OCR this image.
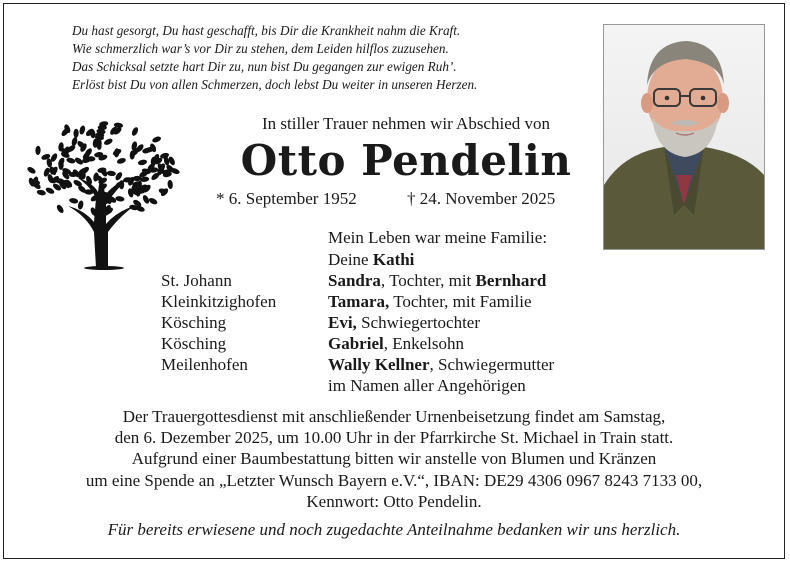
Du hast gesorgt, Du hast geschafft, bis Dir die Krankheit nahm die Kraft.
Wie schmerzlich war’s vor Dir zu stehen, dem Leiden hilflos zuzusehen.
Das Schicksal setzte hart Dir zu, nun bist Du gegangen zur ewigen Ruh’.
Erlöst bist Du von allen Schmerzen, doch lebst Du weiter in unseren Herzen.
In stiller Trauer nehmen wir Abschied von
Otto Pendelin
* 6. September 1952	† 24. November 2025
Mein Leben war meine Familie:
Deine Kathi
St. Johann	Sandra, Tochter, mit Bernhard
Kleinkitzighofen	Tamara, Tochter, mit Familie
Kösching	Evi, Schwiegertochter
Kösching	Gabriel, Enkelsohn
Meilenhofen	Wally Kellner, Schwiegermutter
im Namen aller Angehörigen
Der Trauergottesdienst mit anschließender Urnenbeisetzung findet am Samstag,
den 6. Dezember 2025, um 10.00 Uhr in der Pfarrkirche St. Michael in Train statt.
Aufgrund einer Baumbestattung bitten wir anstelle von Blumen und Kränzen
um eine Spende an „Letzter Wunsch Bayern e.V.“, IBAN: DE29 4306 0967 8243 7133 00,
Kennwort: Otto Pendelin.
Für bereits erwiesene und noch zugedachte Anteilnahme bedanken wir uns herzlich.
